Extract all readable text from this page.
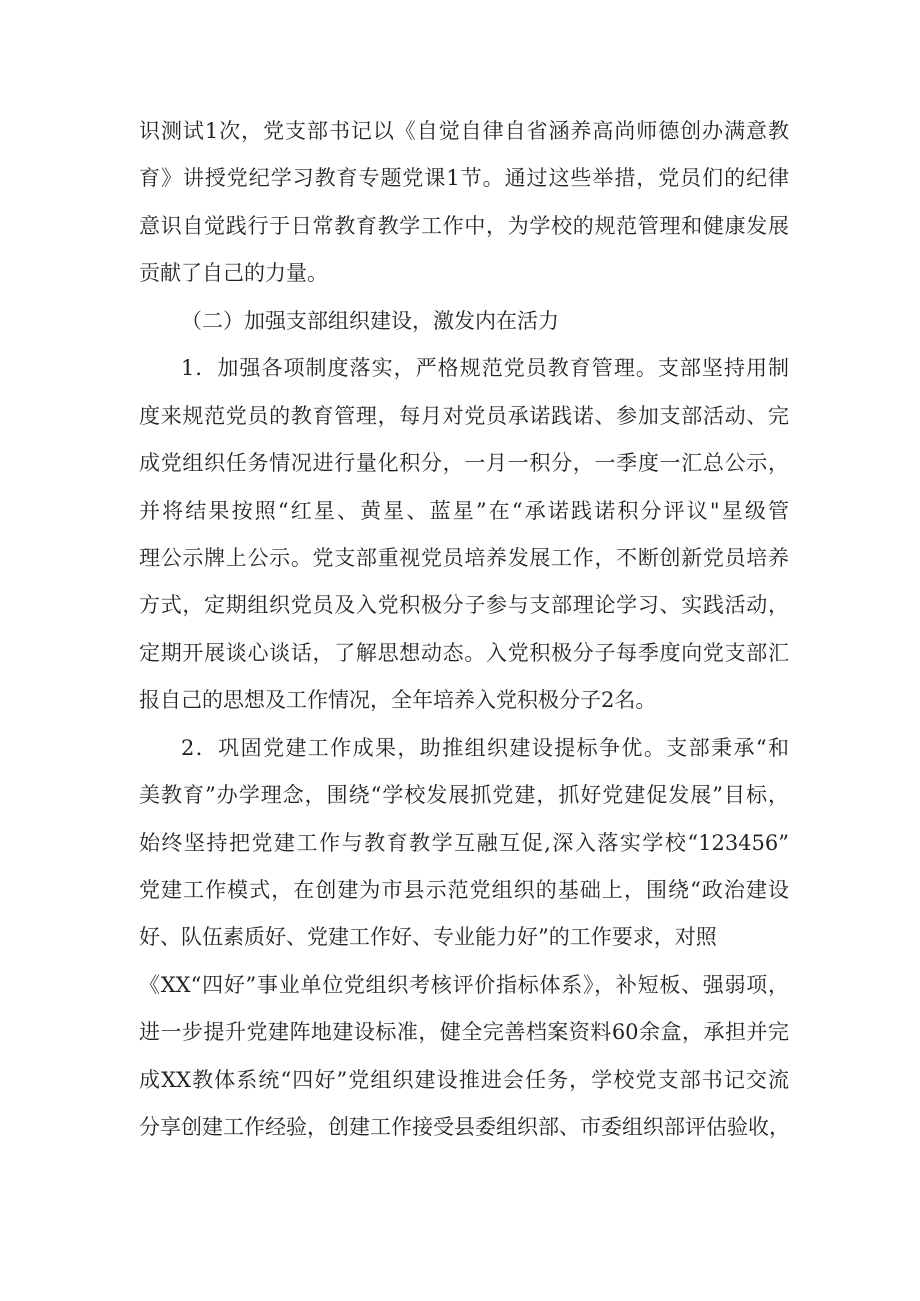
识测试1次，党支部书记以《自觉自律自省涵养高尚师德创办满意教
育》讲授党纪学习教育专题党课1节。通过这些举措，党员们的纪律
意识自觉践行于日常教育教学工作中，为学校的规范管理和健康发展
贡献了自己的力量。
（二）加强支部组织建设，激发内在活力
1．加强各项制度落实，严格规范党员教育管理。支部坚持用制
度来规范党员的教育管理，每月对党员承诺践诺、参加支部活动、完
成党组织任务情况进行量化积分，一月一积分，一季度一汇总公示，
并将结果按照“红星、黄星、蓝星”在“承诺践诺积分评议"星级管
理公示牌上公示。党支部重视党员培养发展工作，不断创新党员培养
方式，定期组织党员及入党积极分子参与支部理论学习、实践活动，
定期开展谈心谈话，了解思想动态。入党积极分子每季度向党支部汇
报自己的思想及工作情况，全年培养入党积极分子2名。
2．巩固党建工作成果，助推组织建设提标争优。支部秉承“和
美教育”办学理念，围绕“学校发展抓党建，抓好党建促发展”目标，
始终坚持把党建工作与教育教学互融互促,深入落实学校“123456”
党建工作模式，在创建为市县示范党组织的基础上，围绕“政治建设
好、队伍素质好、党建工作好、专业能力好”的工作要求，对照
《XX“四好”事业单位党组织考核评价指标体系》，补短板、强弱项，
进一步提升党建阵地建设标准，健全完善档案资料60余盒，承担并完
成XX教体系统“四好”党组织建设推进会任务，学校党支部书记交流
分享创建工作经验，创建工作接受县委组织部、市委组织部评估验收，
